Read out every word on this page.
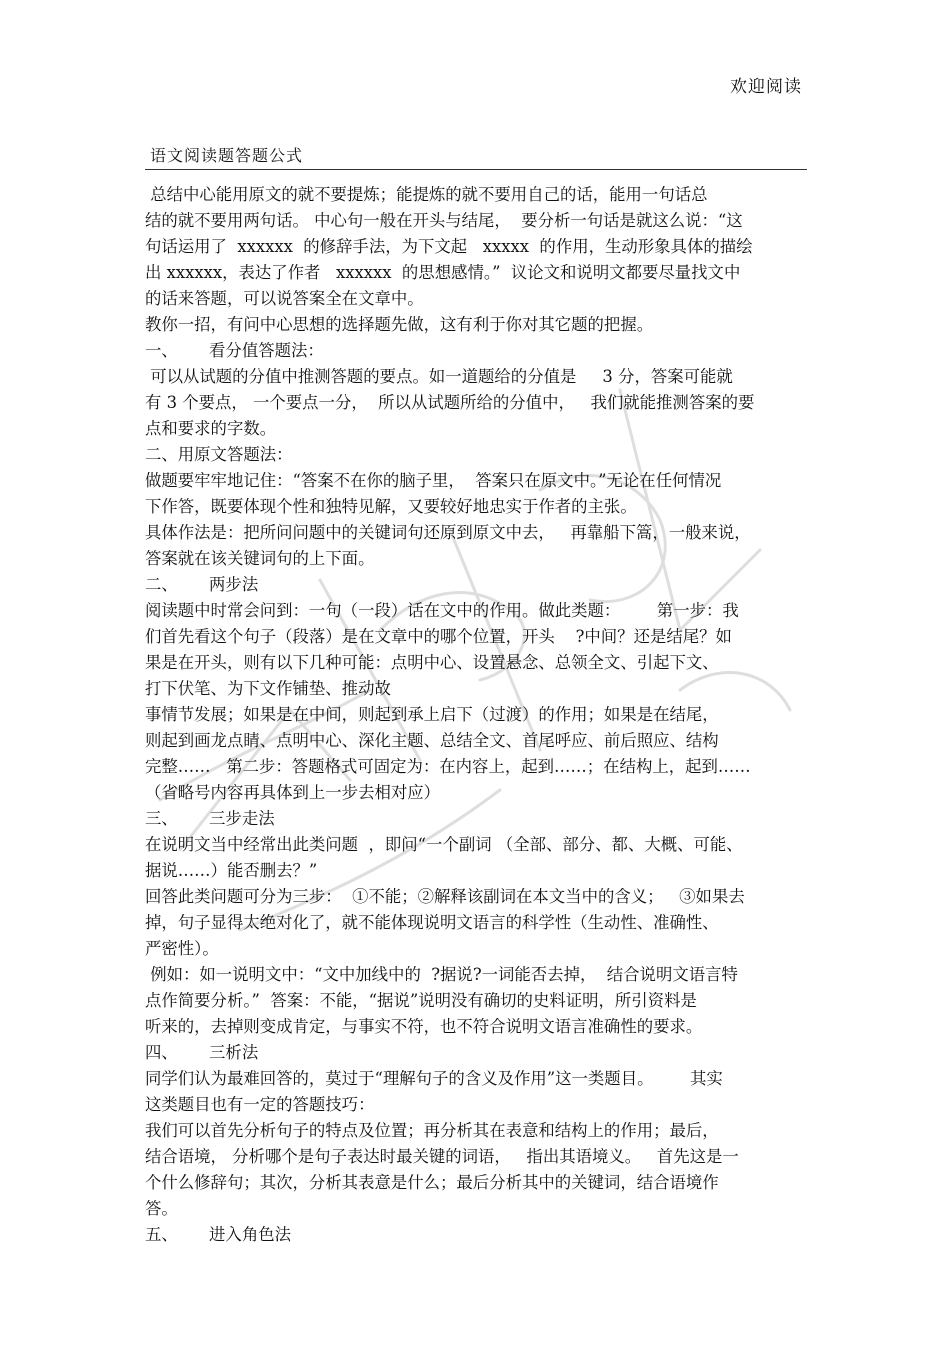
欢迎阅读
语文阅读题答题公式
总结中心能用原文的就不要提炼；能提炼的就不要用自己的话，能用一句话总
结的就不要用两句话。 中心句一般在开头与结尾，  要分析一句话是就这么说：“这
句话运用了  xxxxxx  的修辞手法，为下文起   xxxxx  的作用，生动形象具体的描绘
出 xxxxxx，表达了作者   xxxxxx  的思想感情。”  议论文和说明文都要尽量找文中
的话来答题，可以说答案全在文章中。
教你一招，有问中心思想的选择题先做，这有利于你对其它题的把握。
一、      看分值答题法：
可以从试题的分值中推测答题的要点。如一道题给的分值是     3 分，答案可能就
有 3 个要点， 一个要点一分，  所以从试题所给的分值中，   我们就能推测答案的要
点和要求的字数。
二、用原文答题法：
做题要牢牢地记住：“答案不在你的脑子里，  答案只在原文中。”无论在任何情况
下作答，既要体现个性和独特见解，又要较好地忠实于作者的主张。
具体作法是：把所问问题中的关键词句还原到原文中去，   再靠船下篙，一般来说，
答案就在该关键词句的上下面。
二、      两步法
阅读题中时常会问到：一句（一段）话在文中的作用。做此类题：       第一步：我
们首先看这个句子（段落）是在文章中的哪个位置，开头    ?中间？还是结尾？如
果是在开头，则有以下几种可能：点明中心、设置悬念、总领全文、引起下文、
打下伏笔、为下文作铺垫、推动故
事情节发展；如果是在中间，则起到承上启下（过渡）的作用；如果是在结尾，
则起到画龙点睛、点明中心、深化主题、总结全文、首尾呼应、前后照应、结构
完整……   第二步：答题格式可固定为：在内容上，起到……；在结构上，起到……
（省略号内容再具体到上一步去相对应）
三、      三步走法
在说明文当中经常出此类问题  ，即问“一个副词 （全部、部分、都、大概、可能、
据说……）能否删去？”
回答此类问题可分为三步：  ①不能；②解释该副词在本文当中的含义；   ③如果去
掉，句子显得太绝对化了，就不能体现说明文语言的科学性（生动性、准确性、
严密性）。
例如：如一说明文中：“文中加线中的  ?据说?一词能否去掉，  结合说明文语言特
点作简要分析。”  答案：不能，“据说”说明没有确切的史料证明，所引资料是
听来的，去掉则变成肯定，与事实不符，也不符合说明文语言准确性的要求。
四、      三析法
同学们认为最难回答的，莫过于“理解句子的含义及作用”这一类题目。       其实
这类题目也有一定的答题技巧：
我们可以首先分析句子的特点及位置；再分析其在表意和结构上的作用；最后，
结合语境， 分析哪个是句子表达时最关键的词语，   指出其语境义。   首先这是一
个什么修辞句；其次，分析其表意是什么；最后分析其中的关键词，结合语境作
答。
五、      进入角色法
